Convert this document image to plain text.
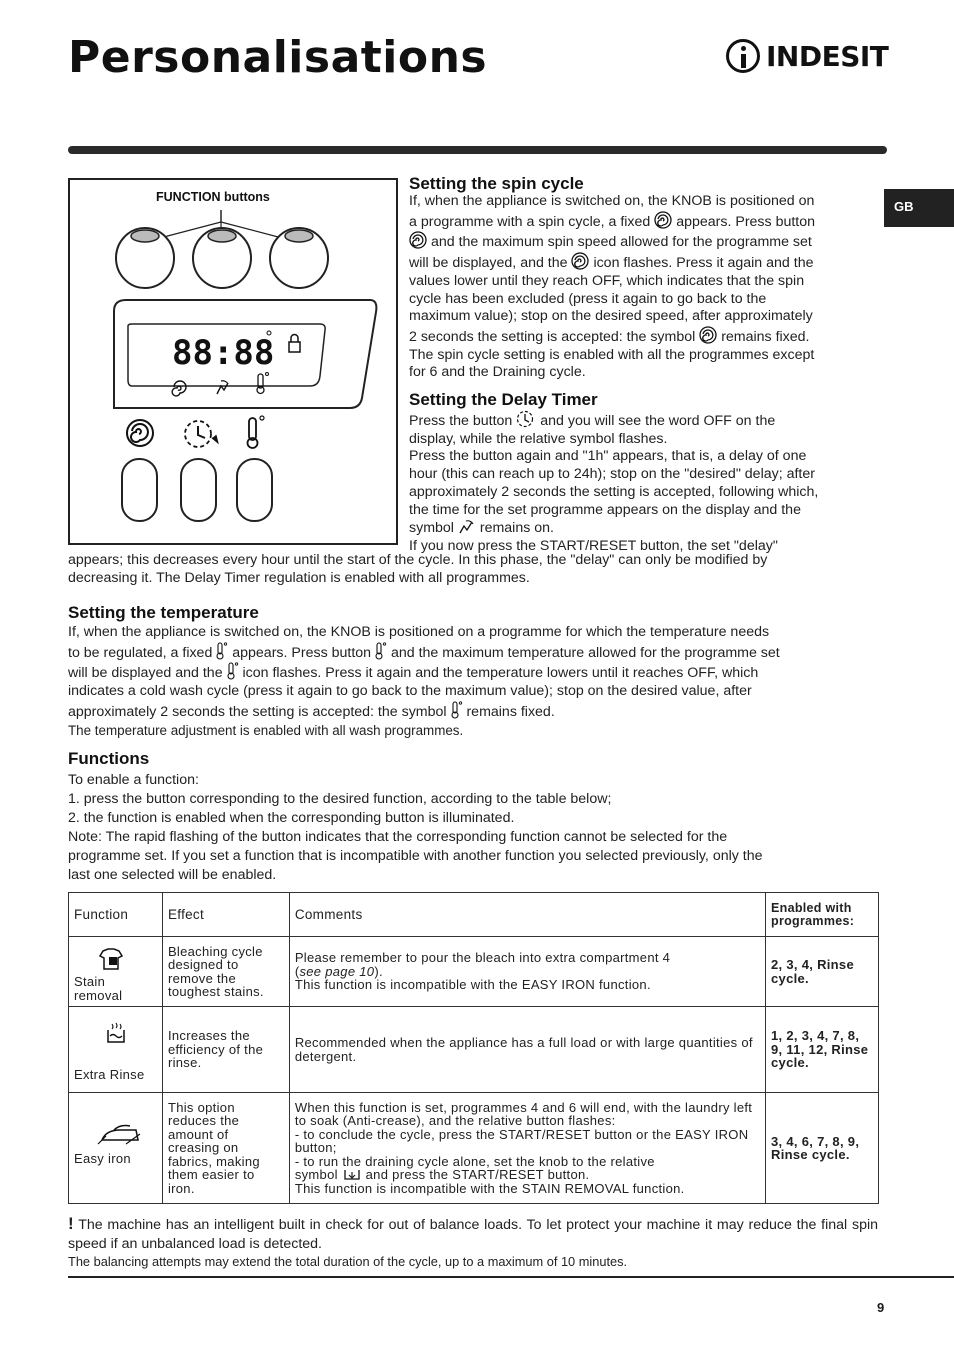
Personalisations	INDESIT
GB
88:88
FUNCTION buttons
Setting the spin cycle

If, when the appliance is switched on, the KNOB is positioned on

a programme with a spin cycle, a fixed appears. Press button

and the maximum spin speed allowed for the programme set

will be displayed, and the icon flashes. Press it again and the

values lower until they reach OFF, which indicates that the spin

cycle has been excluded (press it again to go back to the

maximum value); stop on the desired speed, after approximately

2 seconds the setting is accepted: the symbol remains fixed.

The spin cycle setting is enabled with all the programmes except

for 6 and the Draining cycle.

Setting the Delay Timer

Press the button and you will see the word OFF on the

display, while the relative symbol flashes.

Press the button again and "1h" appears, that is, a delay of one

hour (this can reach up to 24h); stop on the "desired" delay; after

approximately 2 seconds the setting is accepted, following which,

the time for the set programme appears on the display and the

symbol remains on.

If you now press the START/RESET button, the set "delay"

appears; this decreases every hour until the start of the cycle. In this phase, the "delay" can only be modified by

decreasing it. The Delay Timer regulation is enabled with all programmes.

Setting the temperature

If, when the appliance is switched on, the KNOB is positioned on a programme for which the temperature needs

to be regulated, a fixed appears. Press button and the maximum temperature allowed for the programme set

will be displayed and the icon flashes. Press it again and the temperature lowers until it reaches OFF, which

indicates a cold wash cycle (press it again to go back to the maximum value); stop on the desired value, after

approximately 2 seconds the setting is accepted: the symbol remains fixed.

The temperature adjustment is enabled with all wash programmes.

Functions

To enable a function:

1. press the button corresponding to the desired function, according to the table below;

2. the function is enabled when the corresponding button is illuminated.

Note: The rapid flashing of the button indicates that the corresponding function cannot be selected for the

programme set. If you set a function that is incompatible with another function you selected previously, only the

last one selected will be enabled.

Function	Effect	Comments	Enabled with programmes:

Stain removal	Bleaching cycle designed to remove the toughest stains.	Please remember to pour the bleach into extra compartment 4
(see page 10).
This function is incompatible with the EASY IRON function.	2, 3, 4, Rinse cycle.

Extra Rinse	Increases the efficiency of the rinse.	Recommended when the appliance has a full load or with large quantities of detergent.	1, 2, 3, 4, 7, 8, 9, 11, 12, Rinse cycle.

Easy iron	This option reduces the amount of creasing on fabrics, making them easier to iron.	When this function is set, programmes 4 and 6 will end, with the laundry left to soak (Anti-crease), and the relative button flashes:
- to conclude the cycle, press the START/RESET button or the EASY IRON button;
- to run the draining cycle alone, set the knob to the relative
symbol and press the START/RESET button.
This function is incompatible with the STAIN REMOVAL function.	3, 4, 6, 7, 8, 9, Rinse cycle.
! The machine has an intelligent built in check for out of balance loads. To let protect your machine it may reduce the final spin speed if an unbalanced load is detected.
The balancing attempts may extend the total duration of the cycle, up to a maximum of 10 minutes.
9
